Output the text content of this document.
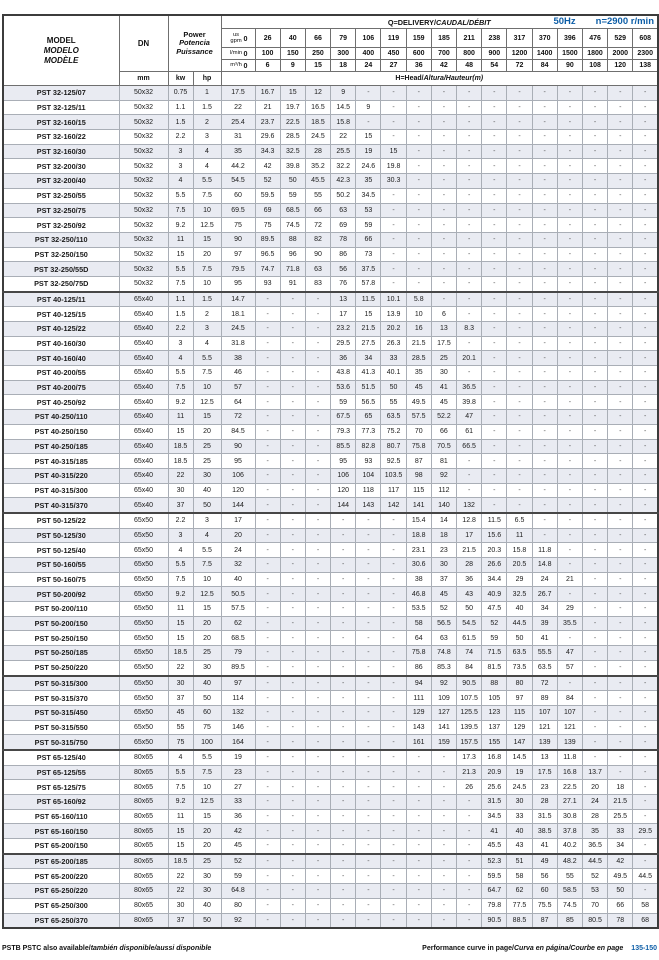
50Hz n=2900 r/min
MODEL
MODELO
MODÈLE
	DN	
Power
Potencia
Puissance
	Q=DELIVERY/CAUDAL/DÉBIT
				us gpm 0	26	40	66	79	106	119	159	185	211	238	317	370	396	476	529	608
				l/min0	100	150	250	300	400	450	600	700	800	900	1200	1400	1500	1800	2000	2300
				m³/h 0	6	9	15	18	24	27	36	42	48	54	72	84	90	108	120	138
	mm	kw	hp	H=Head/Altura/Hauteur(m)																
PST 32-125/07	50x32	0.75	1	17.5	16.7	15	12	9	-	-	-	-	-	-	-	-	-	-	-	-
PST 32-125/11	50x32	1.1	1.5	22	21	19.7	16.5	14.5	9	-	-	-	-	-	-	-	-	-	-	-
PST 32-160/15	50x32	1.5	2	25.4	23.7	22.5	18.5	15.8	-	-	-	-	-	-	-	-	-	-	-	-
PST 32-160/22	50x32	2.2	3	31	29.6	28.5	24.5	22	15	-	-	-	-	-	-	-	-	-	-	-
PST 32-160/30	50x32	3	4	35	34.3	32.5	28	25.5	19	15	-	-	-	-	-	-	-	-	-	-
PST 32-200/30	50x32	3	4	44.2	42	39.8	35.2	32.2	24.6	19.8	-	-	-	-	-	-	-	-	-	-
PST 32-200/40	50x32	4	5.5	54.5	52	50	45.5	42.3	35	30.3	-	-	-	-	-	-	-	-	-	-
PST 32-250/55	50x32	5.5	7.5	60	59.5	59	55	50.2	34.5	-	-	-	-	-	-	-	-	-	-	-
PST 32-250/75	50x32	7.5	10	69.5	69	68.5	66	63	53	-	-	-	-	-	-	-	-	-	-	-
PST 32-250/92	50x32	9.2	12.5	75	75	74.5	72	69	59	-	-	-	-	-	-	-	-	-	-	-
PST 32-250/110	50x32	11	15	90	89.5	88	82	78	66	-	-	-	-	-	-	-	-	-	-	-
PST 32-250/150	50x32	15	20	97	96.5	96	90	86	73	-	-	-	-	-	-	-	-	-	-	-
PST 32-250/55D	50x32	5.5	7.5	79.5	74.7	71.8	63	56	37.5	-	-	-	-	-	-	-	-	-	-	-
PST 32-250/75D	50x32	7.5	10	95	93	91	83	76	57.8	-	-	-	-	-	-	-	-	-	-	-
PST 40-125/11	65x40	1.1	1.5	14.7	-	-	-	13	11.5	10.1	5.8	-	-	-	-	-	-	-	-	-
PST 40-125/15	65x40	1.5	2	18.1	-	-	-	17	15	13.9	10	6	-	-	-	-	-	-	-	-
PST 40-125/22	65x40	2.2	3	24.5	-	-	-	23.2	21.5	20.2	16	13	8.3	-	-	-	-	-	-	-
PST 40-160/30	65x40	3	4	31.8	-	-	-	29.5	27.5	26.3	21.5	17.5	-	-	-	-	-	-	-	-
PST 40-160/40	65x40	4	5.5	38	-	-	-	36	34	33	28.5	25	20.1	-	-	-	-	-	-	-
PST 40-200/55	65x40	5.5	7.5	46	-	-	-	43.8	41.3	40.1	35	30	-	-	-	-	-	-	-	-
PST 40-200/75	65x40	7.5	10	57	-	-	-	53.6	51.5	50	45	41	36.5	-	-	-	-	-	-	-
PST 40-250/92	65x40	9.2	12.5	64	-	-	-	59	56.5	55	49.5	45	39.8	-	-	-	-	-	-	-
PST 40-250/110	65x40	11	15	72	-	-	-	67.5	65	63.5	57.5	52.2	47	-	-	-	-	-	-	-
PST 40-250/150	65x40	15	20	84.5	-	-	-	79.3	77.3	75.2	70	66	61	-	-	-	-	-	-	-
PST 40-250/185	65x40	18.5	25	90	-	-	-	85.5	82.8	80.7	75.8	70.5	66.5	-	-	-	-	-	-	-
PST 40-315/185	65x40	18.5	25	95	-	-	-	95	93	92.5	87	81	-	-	-	-	-	-	-	-
PST 40-315/220	65x40	22	30	106	-	-	-	106	104	103.5	98	92	-	-	-	-	-	-	-	-
PST 40-315/300	65x40	30	40	120	-	-	-	120	118	117	115	112	-	-	-	-	-	-	-	-
PST 40-315/370	65x40	37	50	144	-	-	-	144	143	142	141	140	132	-	-	-	-	-	-	-
PST 50-125/22	65x50	2.2	3	17	-	-	-	-	-	-	15.4	14	12.8	11.5	6.5	-	-	-	-	-
PST 50-125/30	65x50	3	4	20	-	-	-	-	-	-	18.8	18	17	15.6	11	-	-	-	-	-
PST 50-125/40	65x50	4	5.5	24	-	-	-	-	-	-	23.1	23	21.5	20.3	15.8	11.8	-	-	-	-
PST 50-160/55	65x50	5.5	7.5	32	-	-	-	-	-	-	30.6	30	28	26.6	20.5	14.8	-	-	-	-
PST 50-160/75	65x50	7.5	10	40	-	-	-	-	-	-	38	37	36	34.4	29	24	21	-	-	-
PST 50-200/92	65x50	9.2	12.5	50.5	-	-	-	-	-	-	46.8	45	43	40.9	32.5	26.7	-	-	-	-
PST 50-200/110	65x50	11	15	57.5	-	-	-	-	-	-	53.5	52	50	47.5	40	34	29	-	-	-
PST 50-200/150	65x50	15	20	62	-	-	-	-	-	-	58	56.5	54.5	52	44.5	39	35.5	-	-	-
PST 50-250/150	65x50	15	20	68.5	-	-	-	-	-	-	64	63	61.5	59	50	41	-	-	-	-
PST 50-250/185	65x50	18.5	25	79	-	-	-	-	-	-	75.8	74.8	74	71.5	63.5	55.5	47	-	-	-
PST 50-250/220	65x50	22	30	89.5	-	-	-	-	-	-	86	85.3	84	81.5	73.5	63.5	57	-	-	-
PST 50-315/300	65x50	30	40	97	-	-	-	-	-	-	94	92	90.5	88	80	72	-	-	-	-
PST 50-315/370	65x50	37	50	114	-	-	-	-	-	-	111	109	107.5	105	97	89	84	-	-	-
PST 50-315/450	65x50	45	60	132	-	-	-	-	-	-	129	127	125.5	123	115	107	107	-	-	-
PST 50-315/550	65x50	55	75	146	-	-	-	-	-	-	143	141	139.5	137	129	121	121	-	-	-
PST 50-315/750	65x50	75	100	164	-	-	-	-	-	-	161	159	157.5	155	147	139	139	-	-	-
PST 65-125/40	80x65	4	5.5	19	-	-	-	-	-	-	-	-	17.3	16.8	14.5	13	11.8	-	-	-
PST 65-125/55	80x65	5.5	7.5	23	-	-	-	-	-	-	-	-	21.3	20.9	19	17.5	16.8	13.7	-	-
PST 65-125/75	80x65	7.5	10	27	-	-	-	-	-	-	-	-	26	25.6	24.5	23	22.5	20	18	-
PST 65-160/92	80x65	9.2	12.5	33	-	-	-	-	-	-	-	-	-	31.5	30	28	27.1	24	21.5	-
PST 65-160/110	80x65	11	15	36	-	-	-	-	-	-	-	-	-	34.5	33	31.5	30.8	28	25.5	-
PST 65-160/150	80x65	15	20	42	-	-	-	-	-	-	-	-	-	41	40	38.5	37.8	35	33	29.5
PST 65-200/150	80x65	15	20	45	-	-	-	-	-	-	-	-	-	45.5	43	41	40.2	36.5	34	-
PST 65-200/185	80x65	18.5	25	52	-	-	-	-	-	-	-	-	-	52.3	51	49	48.2	44.5	42	-
PST 65-200/220	80x65	22	30	59	-	-	-	-	-	-	-	-	-	59.5	58	56	55	52	49.5	44.5
PST 65-250/220	80x65	22	30	64.8	-	-	-	-	-	-	-	-	-	64.7	62	60	58.5	53	50	-
PST 65-250/300	80x65	30	40	80	-	-	-	-	-	-	-	-	-	79.8	77.5	75.5	74.5	70	66	58
PST 65-250/370	80x65	37	50	92	-	-	-	-	-	-	-	-	-	90.5	88.5	87	85	80.5	78	68
PSTB PSTC also available/también disponible/aussi disponible	Performance curve in page/Curva en página/Courbe en page 135-150
